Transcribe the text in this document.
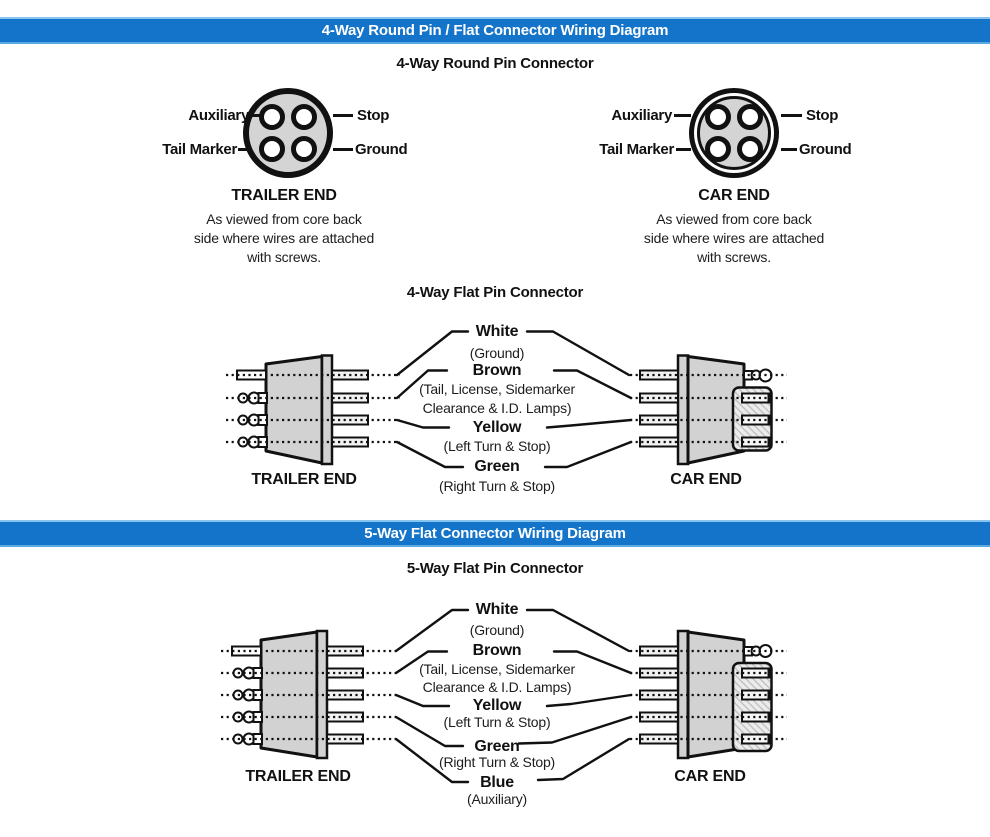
4-Way Round Pin / Flat Connector Wiring Diagram
4-Way Round Pin Connector
Auxiliary	Stop
Tail Marker	Ground
TRAILER END
As viewed from core back
side where wires are attached
with screws.
Auxiliary	Stop
Tail Marker	Ground
CAR END
As viewed from core back
side where wires are attached
with screws.
4-Way Flat Pin Connector
White
(Ground)
Brown
(Tail, License, Sidemarker Clearance & I.D. Lamps)
Yellow
(Left Turn & Stop)
Green
(Right Turn & Stop)
TRAILER END	CAR END
5-Way Flat Connector Wiring Diagram
5-Way Flat Pin Connector
White
(Ground)
Brown
(Tail, License, Sidemarker Clearance & I.D. Lamps)
Yellow
(Left Turn & Stop)
Green
(Right Turn & Stop)
Blue
(Auxiliary)
TRAILER END	CAR END
